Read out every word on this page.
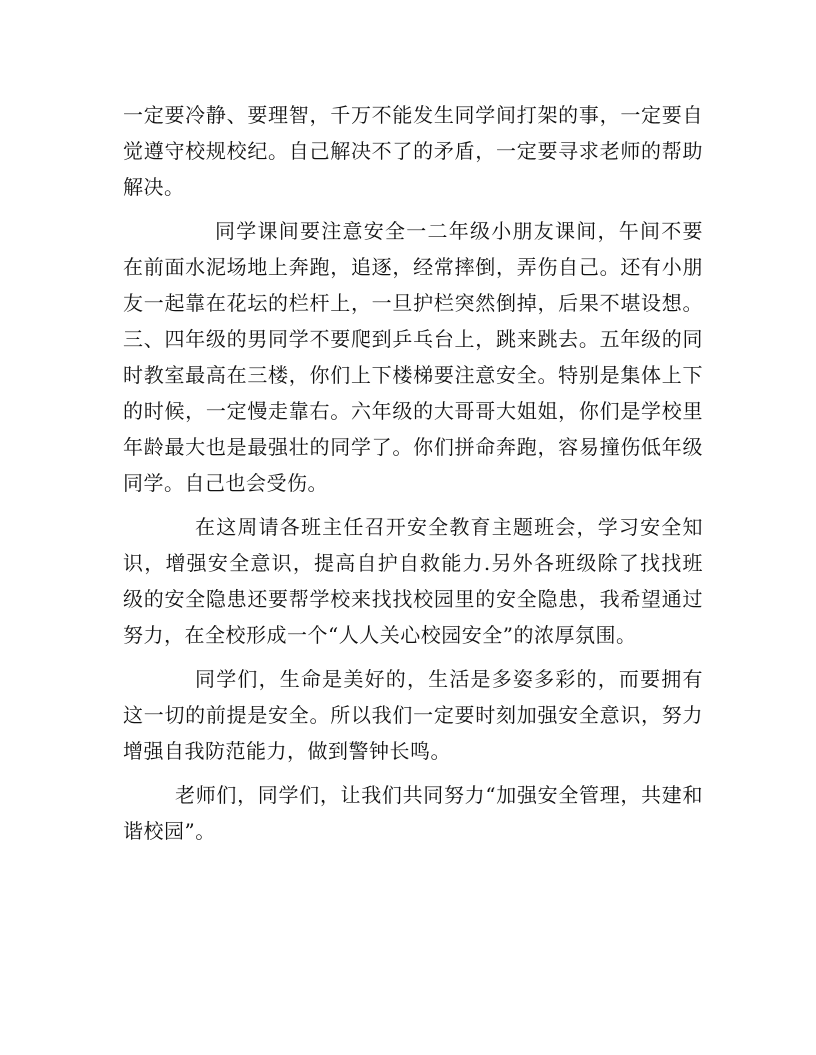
一定要冷静、要理智，千万不能发生同学间打架的事，一定要自觉遵守校规校纪。自己解决不了的矛盾，一定要寻求老师的帮助解决。

同学课间要注意安全一二年级小朋友课间，午间不要在前面水泥场地上奔跑，追逐，经常摔倒，弄伤自己。还有小朋友一起靠在花坛的栏杆上，一旦护栏突然倒掉，后果不堪设想。三、四年级的男同学不要爬到乒乓台上，跳来跳去。五年级的同时教室最高在三楼，你们上下楼梯要注意安全。特别是集体上下的时候，一定慢走靠右。六年级的大哥哥大姐姐，你们是学校里年龄最大也是最强壮的同学了。你们拼命奔跑，容易撞伤低年级同学。自己也会受伤。

在这周请各班主任召开安全教育主题班会，学习安全知识，增强安全意识，提高自护自救能力.另外各班级除了找找班级的安全隐患还要帮学校来找找校园里的安全隐患，我希望通过努力，在全校形成一个“人人关心校园安全”的浓厚氛围。

同学们，生命是美好的，生活是多姿多彩的，而要拥有这一切的前提是安全。所以我们一定要时刻加强安全意识，努力增强自我防范能力，做到警钟长鸣。

老师们，同学们，让我们共同努力“加强安全管理，共建和谐校园”。
